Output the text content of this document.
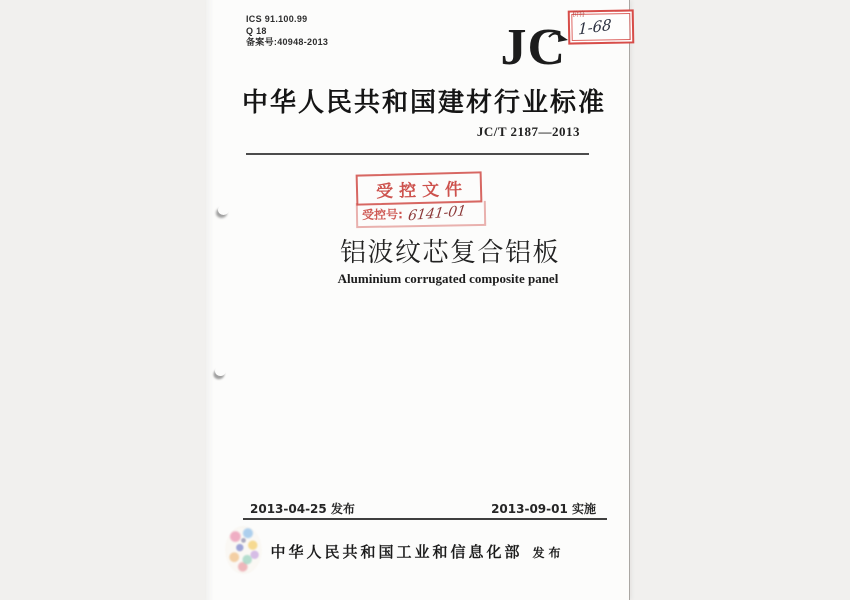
ICS 91.100.99
Q 18
备案号:40948-2013
价符
1-68
JC
中华人民共和国建材行业标准
JC/T 2187—2013
受控文件
受控号: 6141-01
铝波纹芯复合铝板
Aluminium corrugated composite panel
2013-04-25 发布	2013-09-01 实施
中华人民共和国工业和信息化部 发布
